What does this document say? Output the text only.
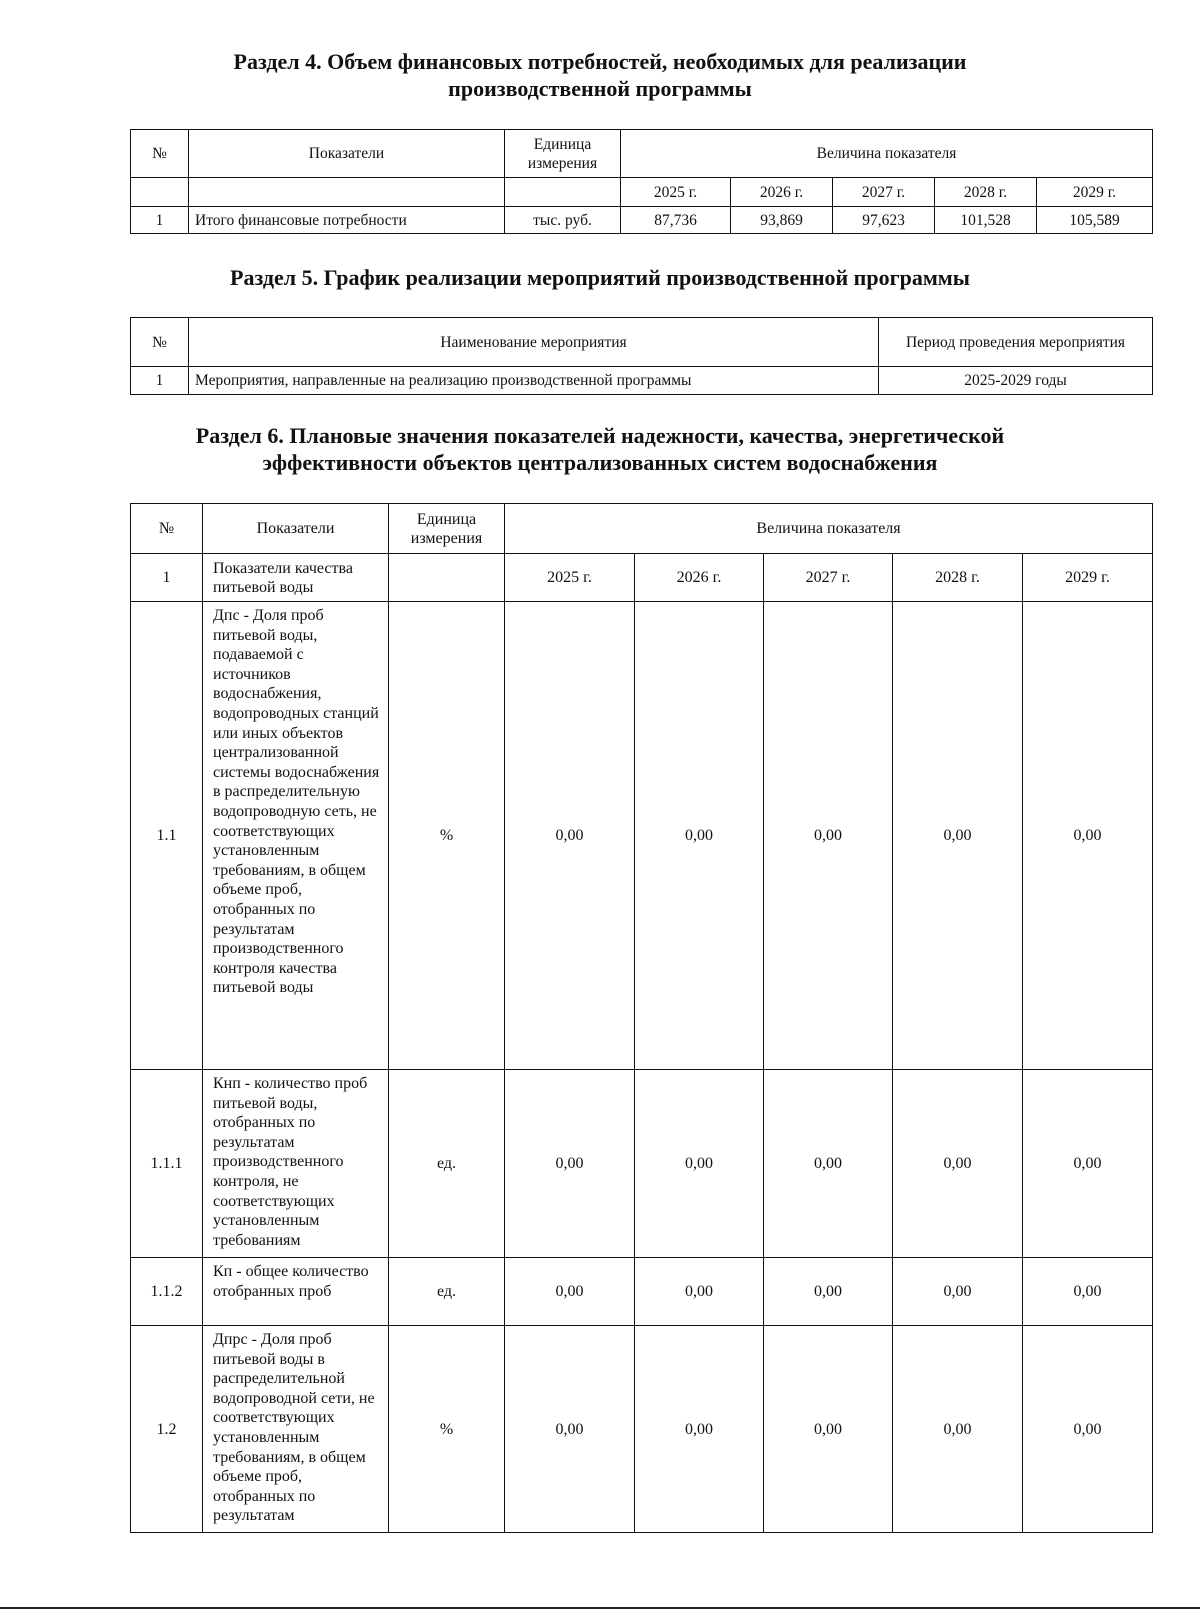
Раздел 4. Объем финансовых потребностей, необходимых для реализации
производственной программы
№	Показатели	Единица измерения	Величина показателя				
			2025 г.	2026 г.	2027 г.	2028 г.	2029 г.
1	Итого финансовые потребности	тыс. руб.	87,736	93,869	97,623	101,528	105,589
Раздел 5. График реализации мероприятий производственной программы
№	Наименование мероприятия	Период проведения мероприятия
1	Мероприятия, направленные на реализацию производственной программы	2025-2029 годы
Раздел 6. Плановые значения показателей надежности, качества, энергетической
эффективности объектов централизованных систем водоснабжения
№	Показатели	Единица измерения	Величина показателя				
1	Показатели качества питьевой воды		2025 г.	2026 г.	2027 г.	2028 г.	2029 г.
1.1	Дпс - Доля проб питьевой воды, подаваемой с источников водоснабжения, водопроводных станций или иных объектов централизованной системы водоснабжения в распределительную водопроводную сеть, не соответствующих установленным требованиям, в общем объеме проб, отобранных по результатам производственного контроля качества питьевой воды	%	0,00	0,00	0,00	0,00	0,00
1.1.1	Кнп - количество проб питьевой воды, отобранных по результатам производственного контроля, не соответствующих установленным требованиям	ед.	0,00	0,00	0,00	0,00	0,00
1.1.2	Кп - общее количество отобранных проб	ед.	0,00	0,00	0,00	0,00	0,00
1.2	Дпрс - Доля проб питьевой воды в распределительной водопроводной сети, не соответствующих установленным требованиям, в общем объеме проб, отобранных по результатам	%	0,00	0,00	0,00	0,00	0,00
